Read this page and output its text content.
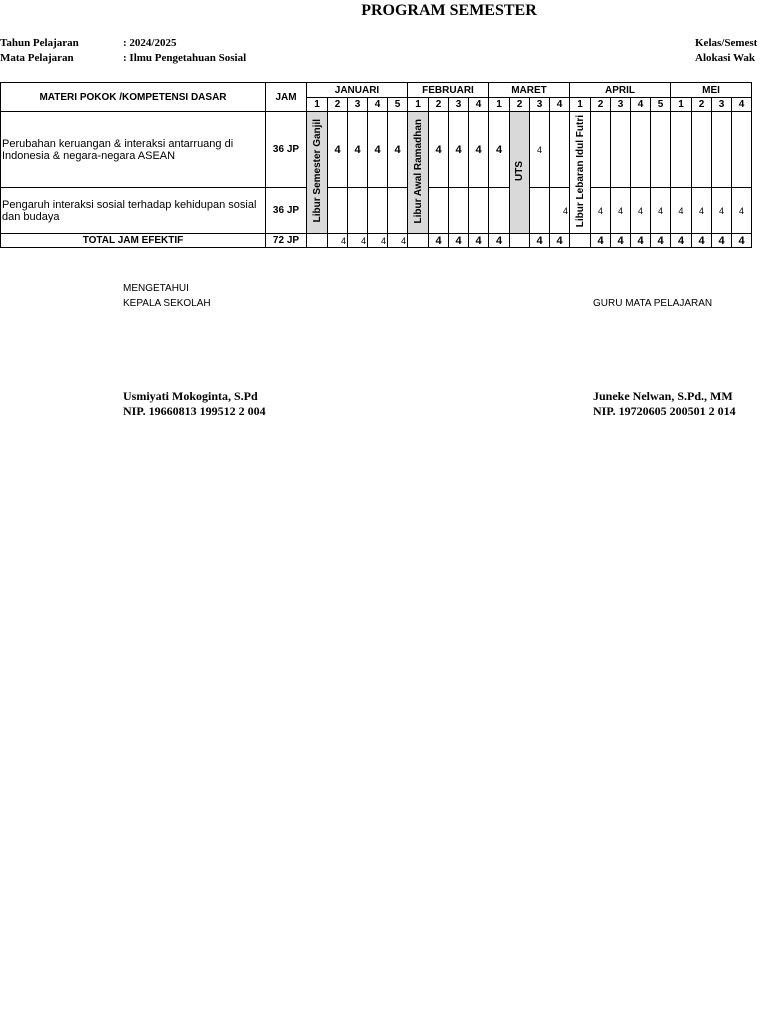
PROGRAM SEMESTER
Tahun Pelajaran	: 2024/2025
Mata Pelajaran	: Ilmu Pengetahuan Sosial
Kelas/Semest
Alokasi Wak
MATERI POKOK /KOMPETENSI DASAR	JAM	JANUARI					FEBRUARI				MARET				APRIL					MEI			
		1	2	3	4	5	1	2	3	4	1	2	3	4	1	2	3	4	5	1	2	3	4
Perubahan keruangan & interaksi antarruang di Indonesia & negara-negara ASEAN	36 JP	Libur Semester Ganjil	4	4	4	4	Libur Awal Ramadhan	4	4	4	4	UTS	4		Libur Lebaran Idul Futri								
Pengaruh interaksi sosial terhadap kehidupan sosial dan budaya	36 JP													4		4	4	4	4	4	4	4	4
TOTAL JAM EFEKTIF	72 JP		4	4	4	4		4	4	4	4		4	4		4	4	4	4	4	4	4	4
MENGETAHUI
KEPALA SEKOLAH	GURU MATA PELAJARAN
Usmiyati Mokoginta, S.Pd
NIP. 19660813 199512 2 004
Juneke Nelwan, S.Pd., MM
NIP. 19720605 200501 2 014
